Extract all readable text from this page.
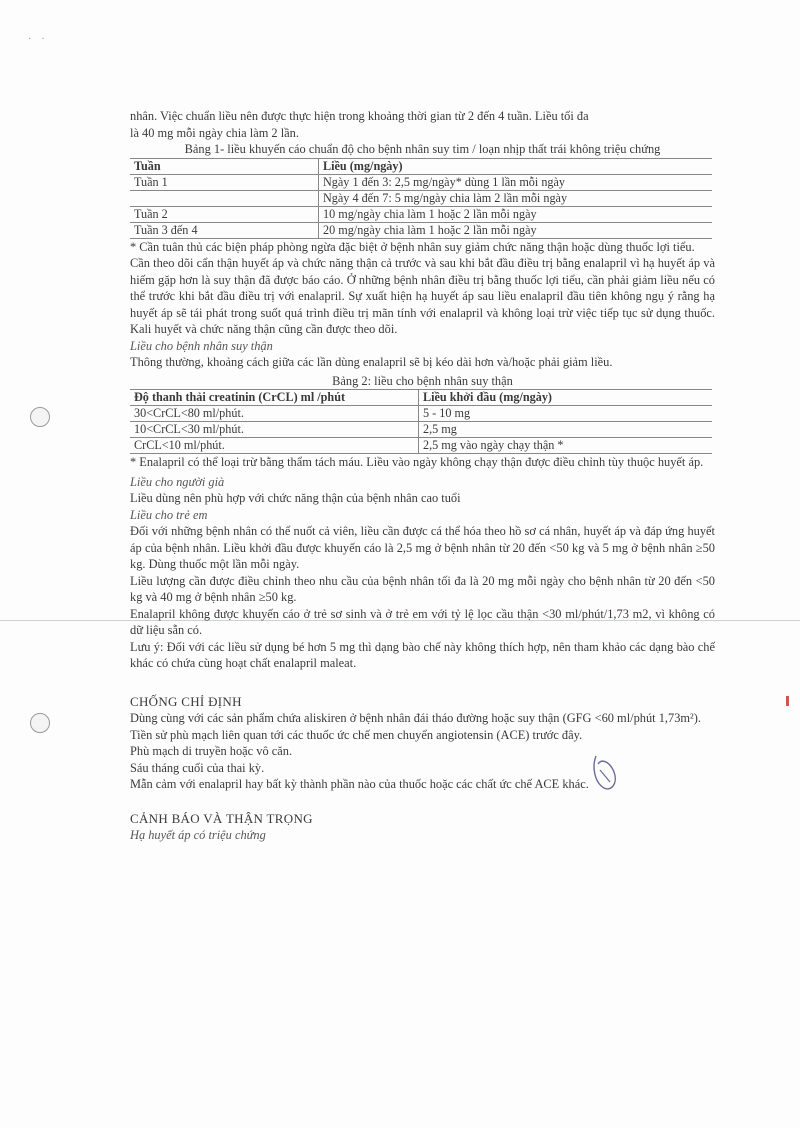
·    ·

nhân. Việc chuẩn liều nên được thực hiện trong khoảng thời gian từ 2 đến 4 tuần. Liều tối đa

là 40 mg mỗi ngày chia làm 2 lần.

Bảng 1- liều khuyến cáo chuẩn độ cho bệnh nhân suy tim / loạn nhịp thất trái không triệu chứng

Tuần	Liều (mg/ngày)
Tuần 1	Ngày 1 đến 3: 2,5 mg/ngày* dùng 1 lần mỗi ngày
	Ngày 4 đến 7: 5 mg/ngày chia làm 2 lần mỗi ngày
Tuần 2	10 mg/ngày chia làm 1 hoặc 2 lần mỗi ngày
Tuần 3 đến 4	20 mg/ngày chia làm 1 hoặc 2 lần mỗi ngày

* Cần tuân thủ các biện pháp phòng ngừa đặc biệt ở bệnh nhân suy giảm chức năng thận hoặc dùng thuốc lợi tiểu.

Cần theo dõi cẩn thận huyết áp và chức năng thận cả trước và sau khi bắt đầu điều trị bằng enalapril vì hạ huyết áp và hiếm gặp hơn là suy thận đã được báo cáo. Ở những bệnh nhân điều trị bằng thuốc lợi tiểu, cần phải giảm liều nếu có thể trước khi bắt đầu điều trị với enalapril. Sự xuất hiện hạ huyết áp sau liều enalapril đầu tiên không ngụ ý rằng hạ huyết áp sẽ tái phát trong suốt quá trình điều trị mãn tính với enalapril và không loại trừ việc tiếp tục sử dụng thuốc. Kali huyết và chức năng thận cũng cần được theo dõi.

Liều cho bệnh nhân suy thận

Thông thường, khoảng cách giữa các lần dùng enalapril sẽ bị kéo dài hơn và/hoặc phải giảm liều.

Bảng 2: liều cho bệnh nhân suy thận

Độ thanh thải creatinin (CrCL) ml /phút	Liều khởi đầu (mg/ngày)
30<CrCL<80 ml/phút.	5 - 10 mg
10<CrCL<30 ml/phút.	2,5 mg
CrCL<10 ml/phút.	2,5 mg vào ngày chạy thận *

* Enalapril có thể loại trừ bằng thẩm tách máu. Liều vào ngày không chạy thận được điều chỉnh tùy thuộc huyết áp.

Liều cho người già

Liều dùng nên phù hợp với chức năng thận của bệnh nhân cao tuổi

Liều cho trẻ em

Đối với những bệnh nhân có thể nuốt cả viên, liều cần được cá thể hóa theo hồ sơ cá nhân, huyết áp và đáp ứng huyết áp của bệnh nhân. Liều khởi đầu được khuyến cáo là 2,5 mg ở bệnh nhân từ 20 đến <50 kg và 5 mg ở bệnh nhân ≥50 kg. Dùng thuốc một lần mỗi ngày.

Liều lượng cần được điều chỉnh theo nhu cầu của bệnh nhân tối đa là 20 mg mỗi ngày cho bệnh nhân từ 20 đến <50 kg và 40 mg ở bệnh nhân ≥50 kg.

Enalapril không được khuyến cáo ở trẻ sơ sinh và ở trẻ em với tỷ lệ lọc cầu thận <30 ml/phút/1,73 m2, vì không có dữ liệu sẵn có.

Lưu ý: Đối với các liều sử dụng bé hơn 5 mg thì dạng bào chế này không thích hợp, nên tham khảo các dạng bào chế khác có chứa cùng hoạt chất enalapril maleat.

CHỐNG CHỈ ĐỊNH

Dùng cùng với các sản phẩm chứa aliskiren ở bệnh nhân đái tháo đường hoặc suy thận (GFG <60 ml/phút 1,73m²).

Tiền sử phù mạch liên quan tới các thuốc ức chế men chuyển angiotensin (ACE) trước đây.

Phù mạch di truyền hoặc vô căn.

Sáu tháng cuối của thai kỳ.

Mẫn cảm với enalapril hay bất kỳ thành phần nào của thuốc hoặc các chất ức chế ACE khác.

CẢNH BÁO VÀ THẬN TRỌNG

Hạ huyết áp có triệu chứng
